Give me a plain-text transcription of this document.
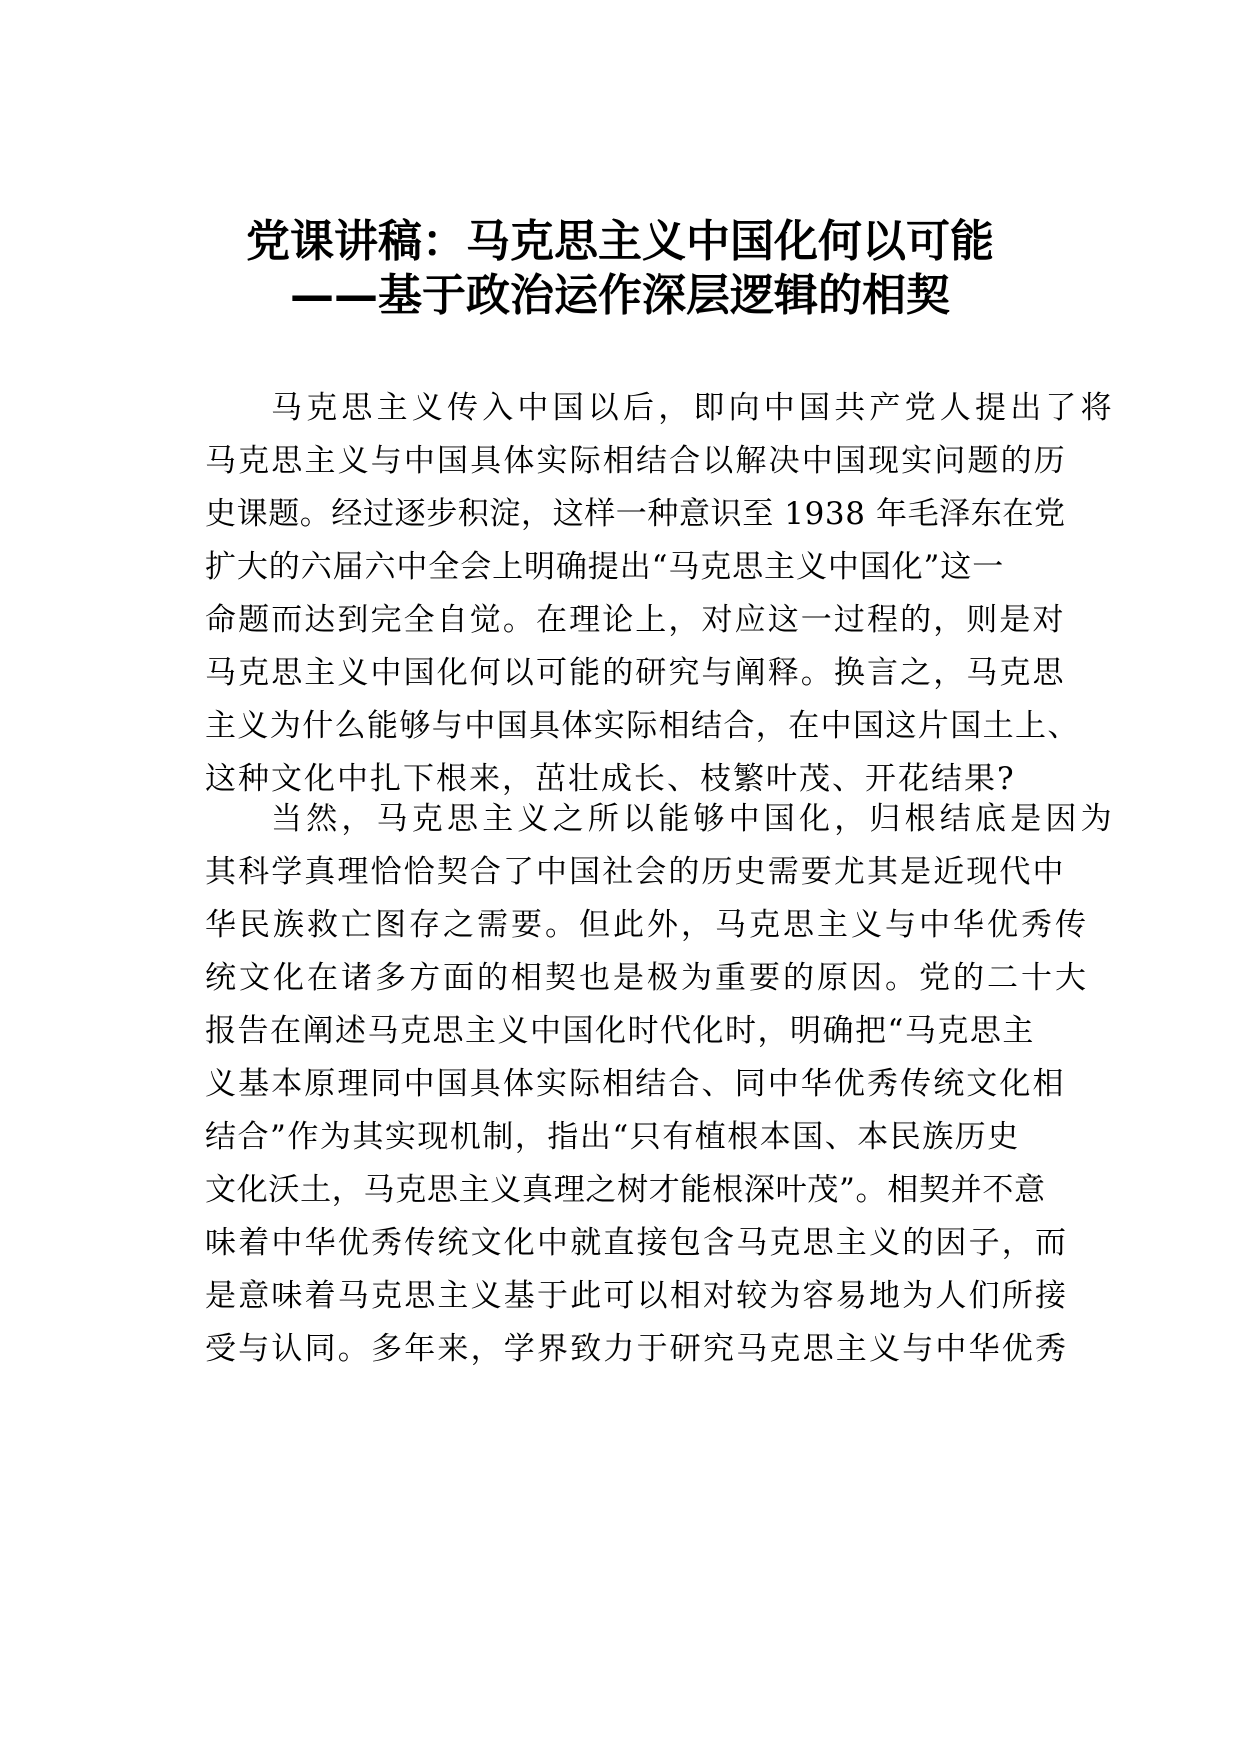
党课讲稿：马克思主义中国化何以可能
——基于政治运作深层逻辑的相契
马克思主义传入中国以后，即向中国共产党人提出了将
马克思主义与中国具体实际相结合以解决中国现实问题的历
史课题。经过逐步积淀，这样一种意识至 1938 年毛泽东在党
扩大的六届六中全会上明确提出“马克思主义中国化”这一
命题而达到完全自觉。在理论上，对应这一过程的，则是对
马克思主义中国化何以可能的研究与阐释。换言之，马克思
主义为什么能够与中国具体实际相结合，在中国这片国土上、
这种文化中扎下根来，茁壮成长、枝繁叶茂、开花结果?
当然，马克思主义之所以能够中国化，归根结底是因为
其科学真理恰恰契合了中国社会的历史需要尤其是近现代中
华民族救亡图存之需要。但此外，马克思主义与中华优秀传
统文化在诸多方面的相契也是极为重要的原因。党的二十大
报告在阐述马克思主义中国化时代化时，明确把“马克思主
义基本原理同中国具体实际相结合、同中华优秀传统文化相
结合”作为其实现机制，指出“只有植根本国、本民族历史
文化沃土，马克思主义真理之树才能根深叶茂”。相契并不意
味着中华优秀传统文化中就直接包含马克思主义的因子，而
是意味着马克思主义基于此可以相对较为容易地为人们所接
受与认同。多年来，学界致力于研究马克思主义与中华优秀
